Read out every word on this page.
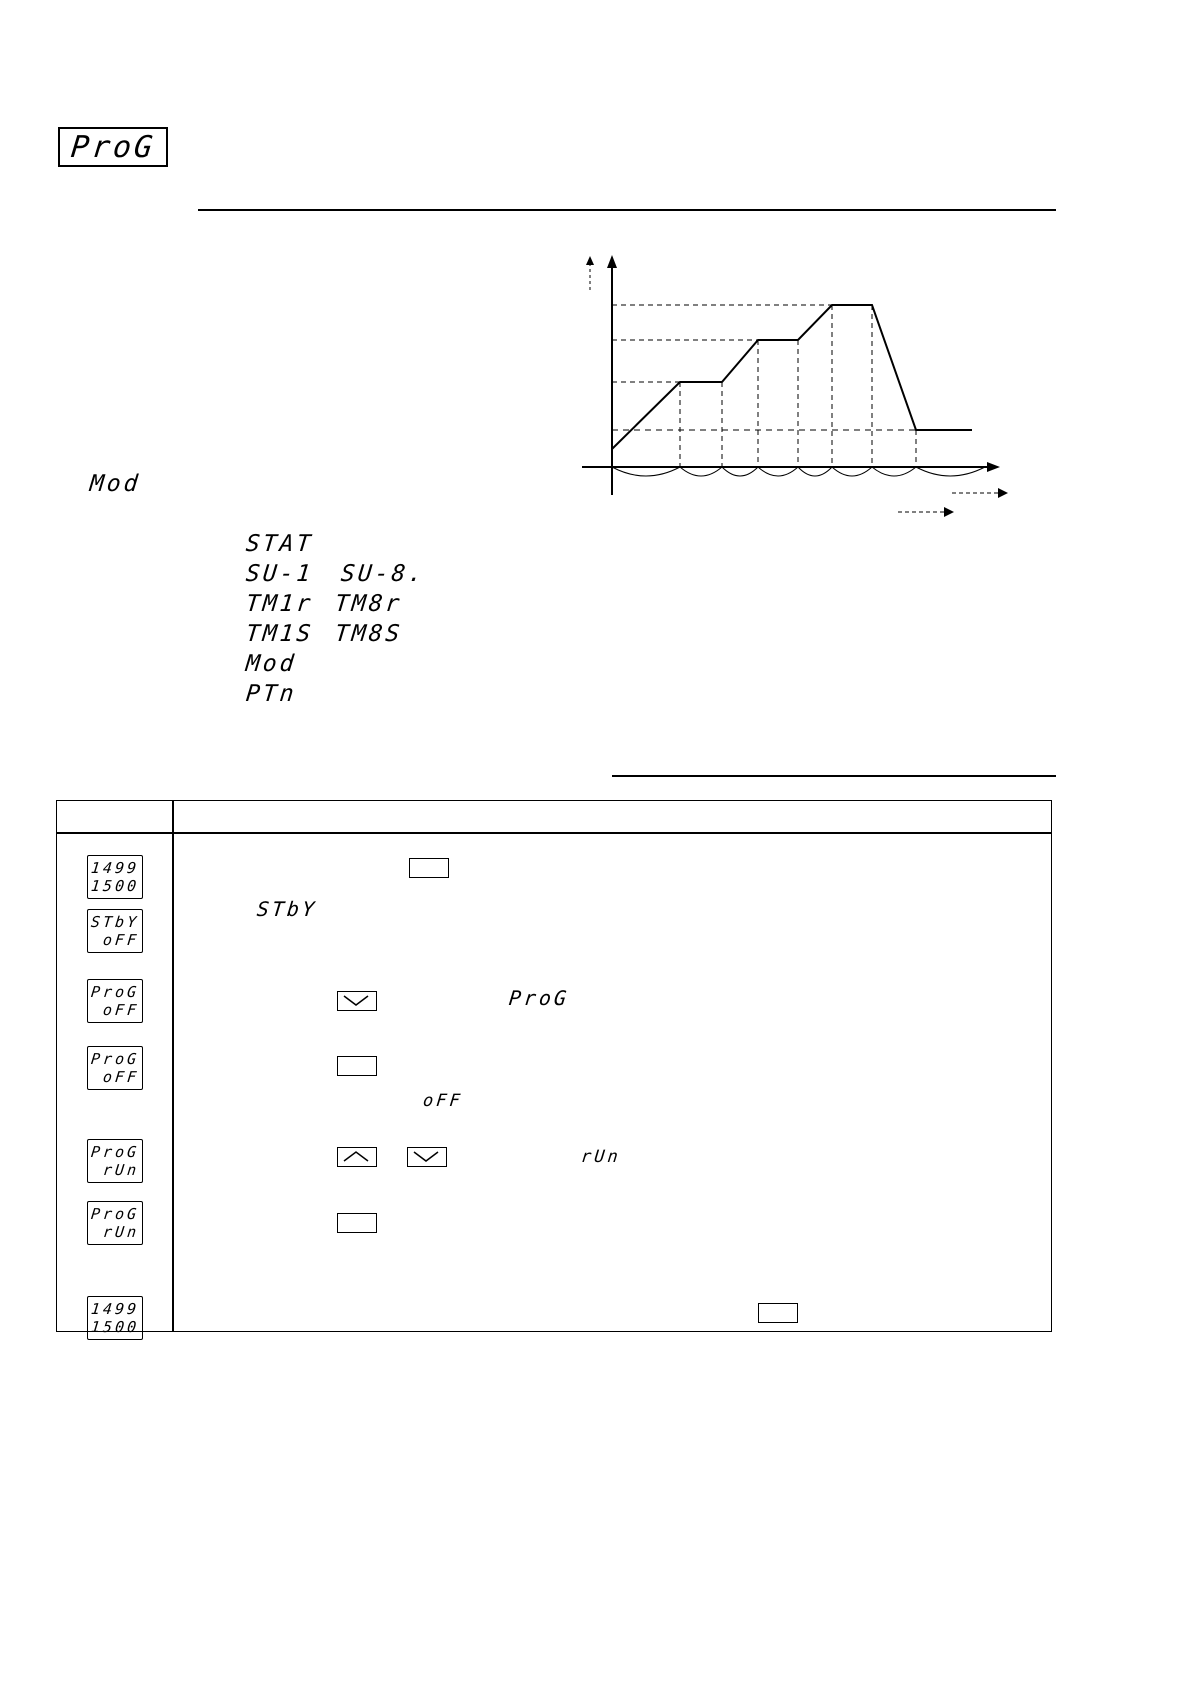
ProG
Mod
STAT
SU-1 SU-8.
TM1r TM8r
TM1S TM8S
Mod
PTn
1499
1500
STbY
oFF
ProG
oFF
ProG
oFF
ProG
rUn
ProG
rUn
1499
1500
STbY
ProG
oFF
rUn
